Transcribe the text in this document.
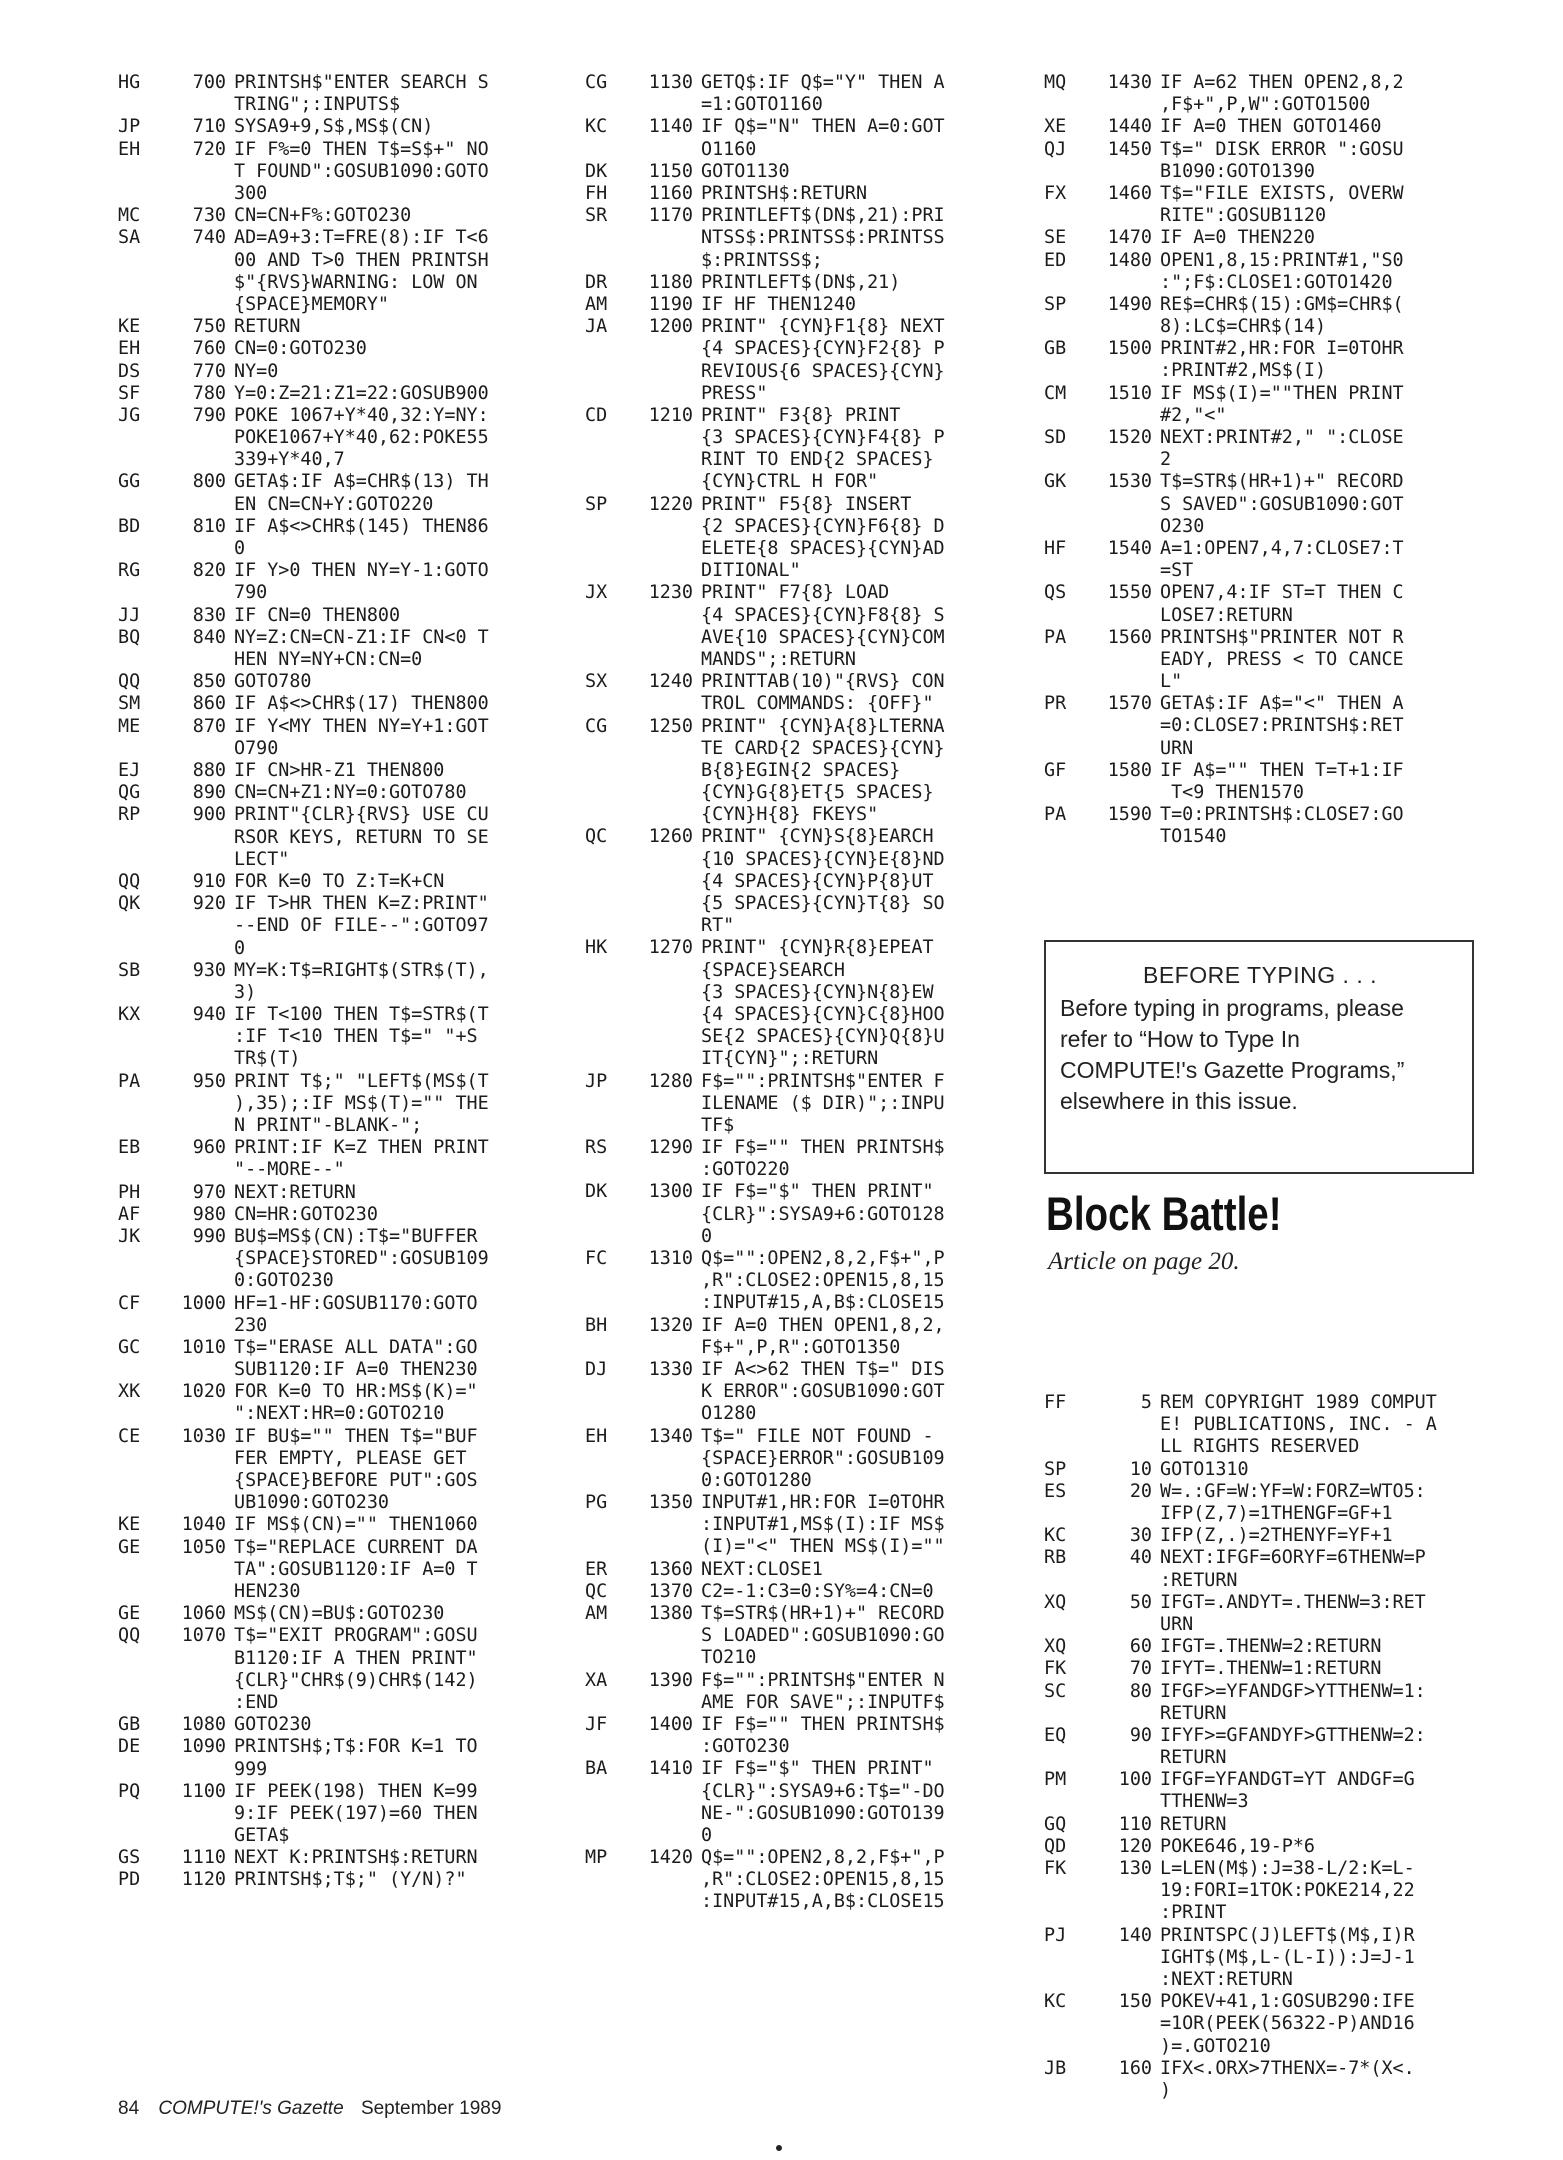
HG	700 PRINTSH$"ENTER SEARCH S
TRING";:INPUTS$
JP	710 SYSA9+9,S$,MS$(CN)
EH	720 IF F%=0 THEN T$=S$+" NO
T FOUND":GOSUB1090:GOTO
300
MC	730 CN=CN+F%:GOTO230
SA	740 AD=A9+3:T=FRE(8):IF T<6
00 AND T>0 THEN PRINTSH
$"{RVS}WARNING: LOW ON
{SPACE}MEMORY"
KE	750 RETURN
EH	760 CN=0:GOTO230
DS	770 NY=0
SF	780 Y=0:Z=21:Z1=22:GOSUB900
JG	790 POKE 1067+Y*40,32:Y=NY:
POKE1067+Y*40,62:POKE55
339+Y*40,7
GG	800 GETA$:IF A$=CHR$(13) TH
EN CN=CN+Y:GOTO220
BD	810 IF A$<>CHR$(145) THEN86
0
RG	820 IF Y>0 THEN NY=Y-1:GOTO
790
JJ	830 IF CN=0 THEN800
BQ	840 NY=Z:CN=CN-Z1:IF CN<0 T
HEN NY=NY+CN:CN=0
QQ	850 GOTO780
SM	860 IF A$<>CHR$(17) THEN800
ME	870 IF Y<MY THEN NY=Y+1:GOT
O790
EJ	880 IF CN>HR-Z1 THEN800
QG	890 CN=CN+Z1:NY=0:GOTO780
RP	900 PRINT"{CLR}{RVS} USE CU
RSOR KEYS, RETURN TO SE
LECT"
QQ	910 FOR K=0 TO Z:T=K+CN
QK	920 IF T>HR THEN K=Z:PRINT"
--END OF FILE--":GOTO97
0
SB	930 MY=K:T$=RIGHT$(STR$(T),
3)
KX	940 IF T<100 THEN T$=STR$(T
:IF T<10 THEN T$=" "+S
TR$(T)
PA	950 PRINT T$;" "LEFT$(MS$(T
),35);:IF MS$(T)="" THE
N PRINT"-BLANK-";
EB	960 PRINT:IF K=Z THEN PRINT
"--MORE--"
PH	970 NEXT:RETURN
AF	980 CN=HR:GOTO230
JK	990 BU$=MS$(CN):T$="BUFFER
{SPACE}STORED":GOSUB109
0:GOTO230
CF	1000 HF=1-HF:GOSUB1170:GOTO
230
GC	1010 T$="ERASE ALL DATA":GO
SUB1120:IF A=0 THEN230
XK	1020 FOR K=0 TO HR:MS$(K)="
":NEXT:HR=0:GOTO210
CE	1030 IF BU$="" THEN T$="BUF
FER EMPTY, PLEASE GET
{SPACE}BEFORE PUT":GOS
UB1090:GOTO230
KE	1040 IF MS$(CN)="" THEN1060
GE	1050 T$="REPLACE CURRENT DA
TA":GOSUB1120:IF A=0 T
HEN230
GE	1060 MS$(CN)=BU$:GOTO230
QQ	1070 T$="EXIT PROGRAM":GOSU
B1120:IF A THEN PRINT"
{CLR}"CHR$(9)CHR$(142)
:END
GB	1080 GOTO230
DE	1090 PRINTSH$;T$:FOR K=1 TO
999
PQ	1100 IF PEEK(198) THEN K=99
9:IF PEEK(197)=60 THEN
GETA$
GS	1110 NEXT K:PRINTSH$:RETURN
PD	1120 PRINTSH$;T$;" (Y/N)?"
CG	1130 GETQ$:IF Q$="Y" THEN A
=1:GOTO1160
KC	1140 IF Q$="N" THEN A=0:GOT
O1160
DK	1150 GOTO1130
FH	1160 PRINTSH$:RETURN
SR	1170 PRINTLEFT$(DN$,21):PRI
NTSS$:PRINTSS$:PRINTSS
$:PRINTSS$;
DR	1180 PRINTLEFT$(DN$,21)
AM	1190 IF HF THEN1240
JA	1200 PRINT" {CYN}F1{8} NEXT
{4 SPACES}{CYN}F2{8} P
REVIOUS{6 SPACES}{CYN}
PRESS"
CD	1210 PRINT" F3{8} PRINT
{3 SPACES}{CYN}F4{8} P
RINT TO END{2 SPACES}
{CYN}CTRL H FOR"
SP	1220 PRINT" F5{8} INSERT
{2 SPACES}{CYN}F6{8} D
ELETE{8 SPACES}{CYN}AD
DITIONAL"
JX	1230 PRINT" F7{8} LOAD
{4 SPACES}{CYN}F8{8} S
AVE{10 SPACES}{CYN}COM
MANDS";:RETURN
SX	1240 PRINTTAB(10)"{RVS} CON
TROL COMMANDS: {OFF}"
CG	1250 PRINT" {CYN}A{8}LTERNA
TE CARD{2 SPACES}{CYN}
B{8}EGIN{2 SPACES}
{CYN}G{8}ET{5 SPACES}
{CYN}H{8} FKEYS"
QC	1260 PRINT" {CYN}S{8}EARCH
{10 SPACES}{CYN}E{8}ND
{4 SPACES}{CYN}P{8}UT
{5 SPACES}{CYN}T{8} SO
RT"
HK	1270 PRINT" {CYN}R{8}EPEAT
{SPACE}SEARCH
{3 SPACES}{CYN}N{8}EW
{4 SPACES}{CYN}C{8}HOO
SE{2 SPACES}{CYN}Q{8}U
IT{CYN}";:RETURN
JP	1280 F$="":PRINTSH$"ENTER F
ILENAME ($ DIR)";:INPU
TF$
RS	1290 IF F$="" THEN PRINTSH$
:GOTO220
DK	1300 IF F$="$" THEN PRINT"
{CLR}":SYSA9+6:GOTO128
0
FC	1310 Q$="":OPEN2,8,2,F$+",P
,R":CLOSE2:OPEN15,8,15
:INPUT#15,A,B$:CLOSE15
BH	1320 IF A=0 THEN OPEN1,8,2,
F$+",P,R":GOTO1350
DJ	1330 IF A<>62 THEN T$=" DIS
K ERROR":GOSUB1090:GOT
O1280
EH	1340 T$=" FILE NOT FOUND -
{SPACE}ERROR":GOSUB109
0:GOTO1280
PG	1350 INPUT#1,HR:FOR I=0TOHR
:INPUT#1,MS$(I):IF MS$
(I)="<" THEN MS$(I)=""
ER	1360 NEXT:CLOSE1
QC	1370 C2=-1:C3=0:SY%=4:CN=0
AM	1380 T$=STR$(HR+1)+" RECORD
S LOADED":GOSUB1090:GO
TO210
XA	1390 F$="":PRINTSH$"ENTER N
AME FOR SAVE";:INPUTF$
JF	1400 IF F$="" THEN PRINTSH$
:GOTO230
BA	1410 IF F$="$" THEN PRINT"
{CLR}":SYSA9+6:T$="-DO
NE-":GOSUB1090:GOTO139
0
MP	1420 Q$="":OPEN2,8,2,F$+",P
,R":CLOSE2:OPEN15,8,15
:INPUT#15,A,B$:CLOSE15
MQ	1430 IF A=62 THEN OPEN2,8,2
,F$+",P,W":GOTO1500
XE	1440 IF A=0 THEN GOTO1460
QJ	1450 T$=" DISK ERROR ":GOSU
B1090:GOTO1390
FX	1460 T$="FILE EXISTS, OVERW
RITE":GOSUB1120
SE	1470 IF A=0 THEN220
ED	1480 OPEN1,8,15:PRINT#1,"S0
:";F$:CLOSE1:GOTO1420
SP	1490 RE$=CHR$(15):GM$=CHR$(
8):LC$=CHR$(14)
GB	1500 PRINT#2,HR:FOR I=0TOHR
:PRINT#2,MS$(I)
CM	1510 IF MS$(I)=""THEN PRINT
#2,"<"
SD	1520 NEXT:PRINT#2," ":CLOSE
2
GK	1530 T$=STR$(HR+1)+" RECORD
S SAVED":GOSUB1090:GOT
O230
HF	1540 A=1:OPEN7,4,7:CLOSE7:T
=ST
QS	1550 OPEN7,4:IF ST=T THEN C
LOSE7:RETURN
PA	1560 PRINTSH$"PRINTER NOT R
EADY, PRESS < TO CANCE
L"
PR	1570 GETA$:IF A$="<" THEN A
=0:CLOSE7:PRINTSH$:RET
URN
GF	1580 IF A$="" THEN T=T+1:IF
T<9 THEN1570
PA	1590 T=0:PRINTSH$:CLOSE7:GO
TO1540
BEFORE TYPING . . .
Before typing in programs, please
refer to “How to Type In
COMPUTE!'s Gazette Programs,”
elsewhere in this issue.
Block Battle!
Article on page 20.
FF	5 REM COPYRIGHT 1989 COMPUT
E! PUBLICATIONS, INC. - A
LL RIGHTS RESERVED
SP	10 GOTO1310
ES	20 W=.:GF=W:YF=W:FORZ=WTO5:
IFP(Z,7)=1THENGF=GF+1
KC	30 IFP(Z,.)=2THENYF=YF+1
RB	40 NEXT:IFGF=6ORYF=6THENW=P
:RETURN
XQ	50 IFGT=.ANDYT=.THENW=3:RET
URN
XQ	60 IFGT=.THENW=2:RETURN
FK	70 IFYT=.THENW=1:RETURN
SC	80 IFGF>=YFANDGF>YTTHENW=1:
RETURN
EQ	90 IFYF>=GFANDYF>GTTHENW=2:
RETURN
PM	100 IFGF=YFANDGT=YT ANDGF=G
TTHENW=3
GQ	110 RETURN
QD	120 POKE646,19-P*6
FK	130 L=LEN(M$):J=38-L/2:K=L-
19:FORI=1TOK:POKE214,22
:PRINT
PJ	140 PRINTSPC(J)LEFT$(M$,I)R
IGHT$(M$,L-(L-I)):J=J-1
:NEXT:RETURN
KC	150 POKEV+41,1:GOSUB290:IFE
=1OR(PEEK(56322-P)AND16
)=.GOTO210
JB	160 IFX<.ORX>7THENX=-7*(X<.
)
84 COMPUTE!'s Gazette September 1989
